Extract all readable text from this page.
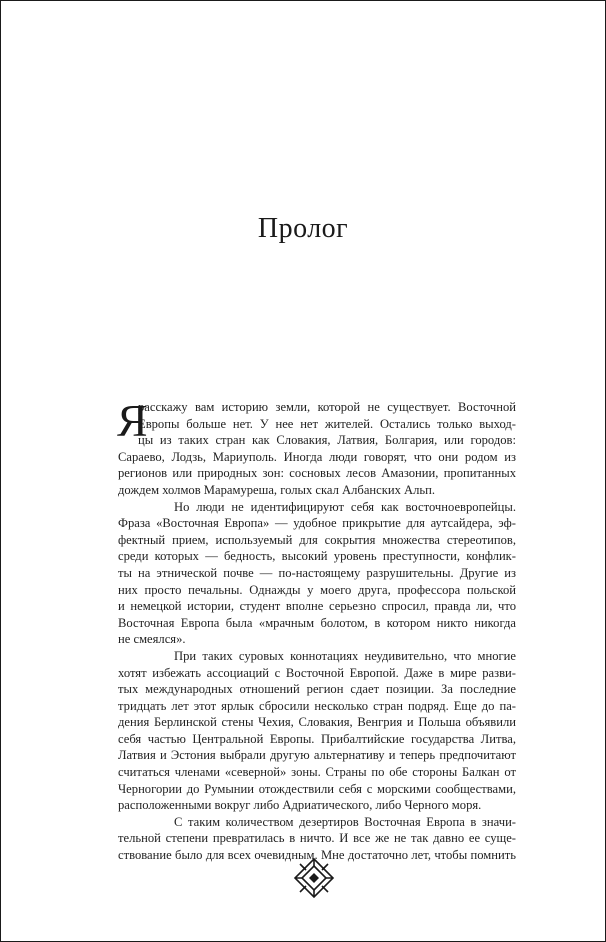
Пролог
Я
расскажу вам историю земли, которой не существует. Восточной
Европы больше нет. У нее нет жителей. Остались только выход-
цы из таких стран как Словакия, Латвия, Болгария, или городов:
Сараево, Лодзь, Мариуполь. Иногда люди говорят, что они родом из
регионов или природных зон: сосновых лесов Амазонии, пропитанных
дождем холмов Марамуреша, голых скал Албанских Альп.
Но люди не идентифицируют себя как восточноевропейцы.
Фраза «Восточная Европа» — удобное прикрытие для аутсайдера, эф-
фектный прием, используемый для сокрытия множества стереотипов,
среди которых — бедность, высокий уровень преступности, конфлик-
ты на этнической почве — по-настоящему разрушительны. Другие из
них просто печальны. Однажды у моего друга, профессора польской
и немецкой истории, студент вполне серьезно спросил, правда ли, что
Восточная Европа была «мрачным болотом, в котором никто никогда
не смеялся».
При таких суровых коннотациях неудивительно, что многие
хотят избежать ассоциаций с Восточной Европой. Даже в мире разви-
тых международных отношений регион сдает позиции. За последние
тридцать лет этот ярлык сбросили несколько стран подряд. Еще до па-
дения Берлинской стены Чехия, Словакия, Венгрия и Польша объявили
себя частью Центральной Европы. Прибалтийские государства Литва,
Латвия и Эстония выбрали другую альтернативу и теперь предпочитают
считаться членами «северной» зоны. Страны по обе стороны Балкан от
Черногории до Румынии отождествили себя с морскими сообществами,
расположенными вокруг либо Адриатического, либо Черного моря.
С таким количеством дезертиров Восточная Европа в значи-
тельной степени превратилась в ничто. И все же не так давно ее суще-
ствование было для всех очевидным. Мне достаточно лет, чтобы помнить
